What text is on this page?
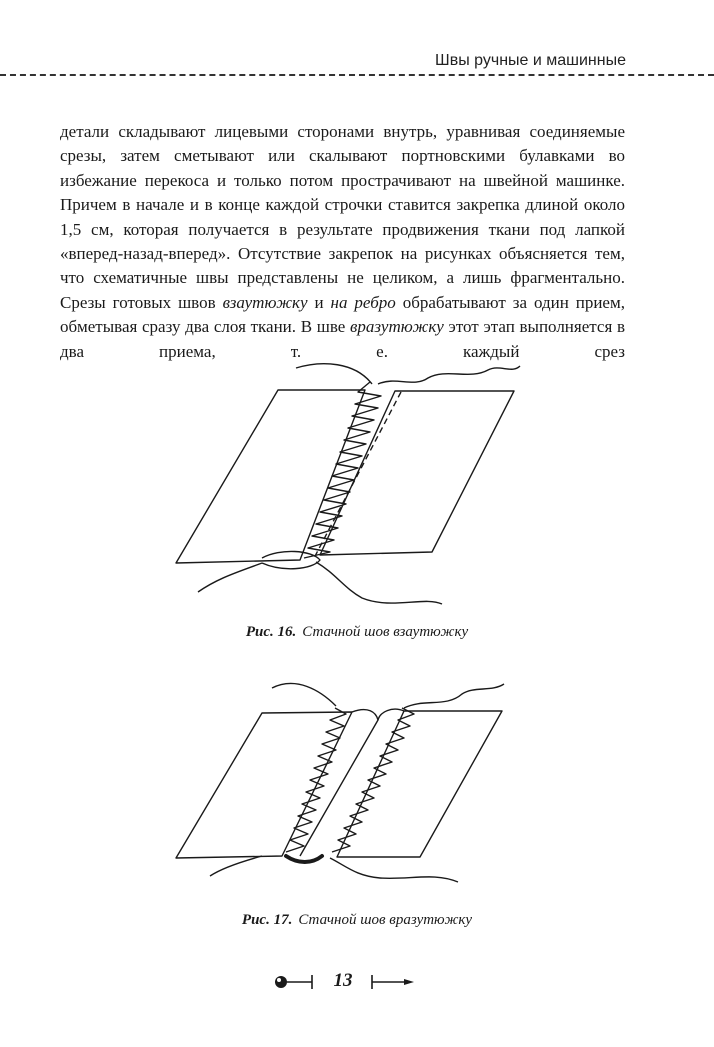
Швы ручные и машинные

детали складывают лицевыми сторонами внутрь, уравнивая соединяемые срезы, затем сметывают или скалывают портновскими булавками во избежание перекоса и только потом прострачивают на швейной машинке. Причем в начале и в конце каждой строчки ставится закрепка длиной около 1,5 см, которая получается в результате продвижения ткани под лапкой «вперед-назад-вперед». Отсутствие закрепок на рисунках объясняется тем, что схематичные швы представлены не целиком, а лишь фрагментально. Срезы готовых швов взаутюжку и на ребро обрабатывают за один прием, обметывая сразу два слоя ткани. В шве вразутюжку этот этап выполняется в два приема, т. е. каждый срез

Рис. 16. Стачной шов взаутюжку
Рис. 17. Стачной шов вразутюжку
13
